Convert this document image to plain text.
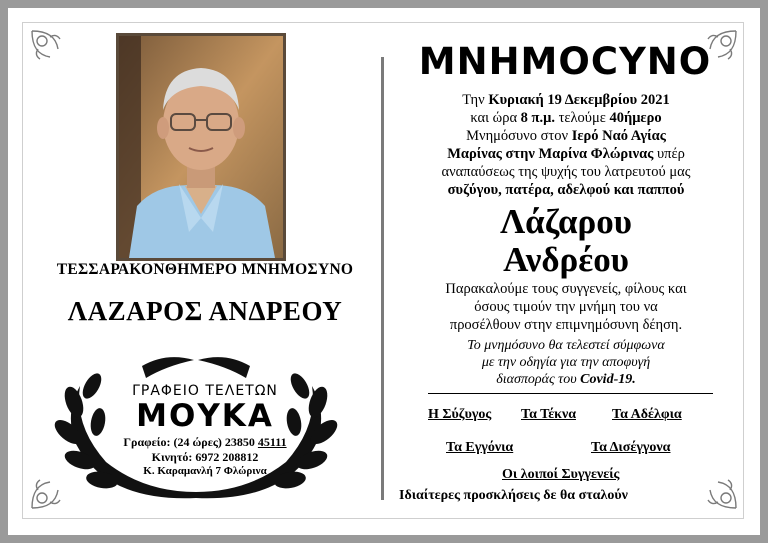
ΤΕΣΣΑΡΑΚΟΝΘΗΜΕΡΟ ΜΝΗΜΟΣΥΝΟ

ΛΑΖΑΡΟΣ ΑΝΔΡΕΟΥ

ΓΡΑΦΕΙΟ ΤΕΛΕΤΩΝ

ΜΟΥΚΑ

Γραφείο: (24 ώρες) 23850 45111

Κινητό: 6972 208812

Κ. Καραμανλή 7 Φλώρινα

ΜΝΗΜΟCΥΝΟ

Την Κυριακή 19 Δεκεμβρίου 2021

και ώρα 8 π.μ. τελούμε 40ήμερο

Μνημόσυνο στον Ιερό Ναό Αγίας

Μαρίνας στην Μαρίνα Φλώρινας υπέρ

αναπαύσεως της ψυχής του λατρευτού μας

συζύγου, πατέρα, αδελφού και παππού

Λάζαρου

Ανδρέου

Παρακαλούμε τους συγγενείς, φίλους και

όσους τιμούν την μνήμη του να

προσέλθουν στην επιμνημόσυνη δέηση.

Το μνημόσυνο θα τελεστεί σύμφωνα

με την οδηγία για την αποφυγή

διασποράς του Covid-19.

Η Σύζυγος Τα Τέκνα	Τα Αδέλφια
Τα Εγγόνια	Τα Δισέγγονα
Οι λοιποί Συγγενείς
Ιδιαίτερες προσκλήσεις δε θα σταλούν
